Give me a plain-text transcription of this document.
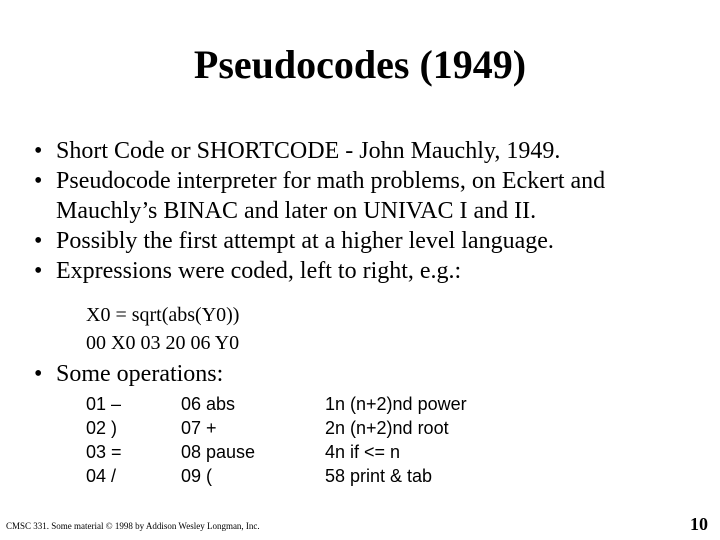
Pseudocodes (1949)
• Short Code or SHORTCODE - John Mauchly, 1949.
• Pseudocode interpreter for math problems, on Eckert and Mauchly’s BINAC and later on UNIVAC I and II.
• Possibly the first attempt at a higher level language.
• Expressions were coded, left to right, e.g.:
X0 = sqrt(abs(Y0))
00 X0 03 20 06 Y0
• Some operations:
01 –
02 )
03 =
04 /
06 abs
07 +
08 pause
09 (
1n (n+2)nd power
2n (n+2)nd root
4n if <= n
58 print & tab
CMSC 331. Some material © 1998 by Addison Wesley Longman, Inc.	10
